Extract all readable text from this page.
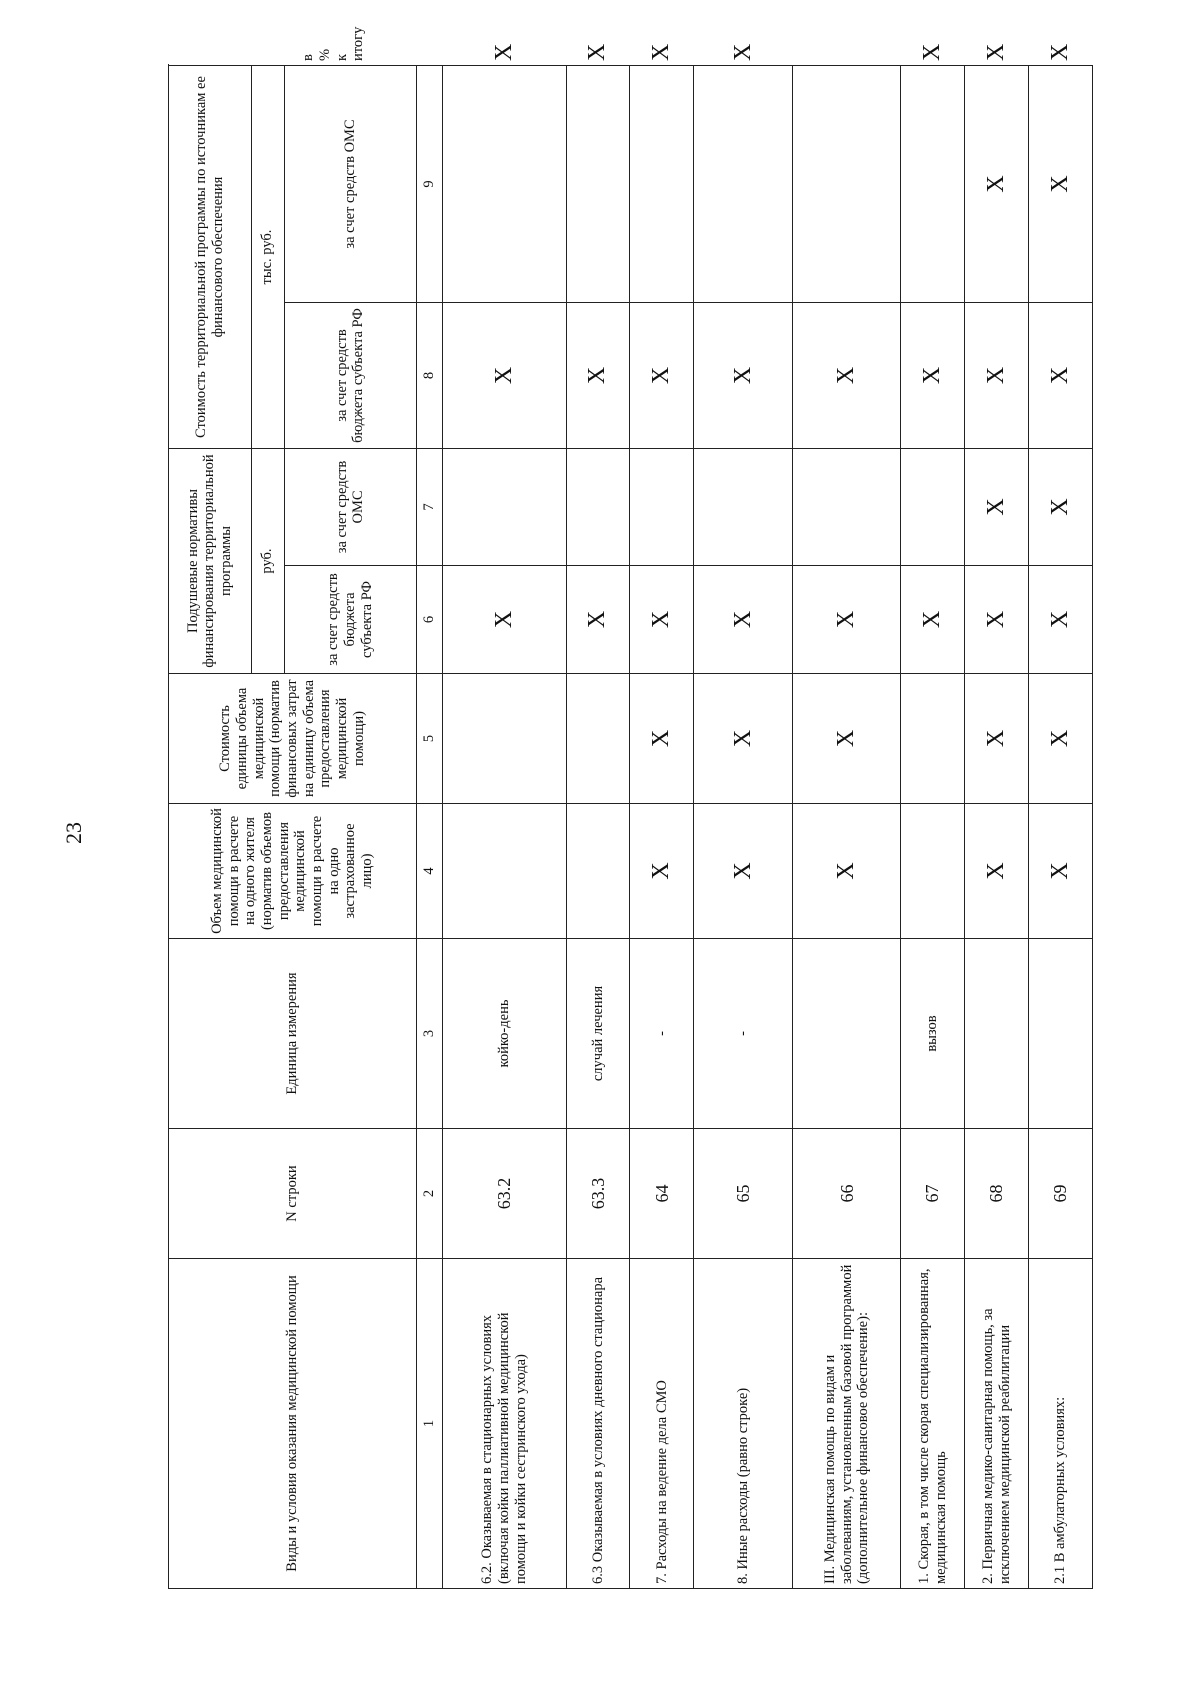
23
Виды и условия оказания медицинской помощи	N строки	Единица измерения	Объем медицинской помощи в расчете на одного жителя (норматив объемов предоставления медицинской помощи в расчете на одно застрахованное лицо)	Стоимость единицы объема медицинской помощи (норматив финансовых затрат на единицу объема предоставления медицинской помощи)	Подушевые нормативы финансирования территориальной программы		Стоимость территориальной программы по источникам ее финансового обеспечения		
					руб.		тыс. руб.		в % к итогу
					за счет средств бюджета субъекта РФ	за счет средств ОМС	за счет средств бюджета субъекта РФ	за счет средств ОМС	
1	2	3	4	5	6	7	8	9	
6.2. Оказываемая в стационарных условиях (включая койки паллиативной медицинской помощи и койки сестринского ухода)	63.2	койко-день			X		X		X
6.3 Оказываемая в условиях дневного стационара	63.3	случай лечения			X		X		X
7. Расходы на ведение дела СМО	64	-	X	X	X		X		X
8. Иные расходы (равно строке)	65	-	X	X	X		X		X
III. Медицинская помощь по видам и заболеваниям, установленным базовой программой (дополнительное финансовое обеспечение):	66		X	X	X		X		
1. Скорая, в том числе скорая специализированная, медицинская помощь	67	вызов			X		X		X
2. Первичная медико-санитарная помощь, за исключением медицинской реабилитации	68		X	X	X	X	X	X	X
2.1 В амбулаторных условиях:	69		X	X	X	X	X	X	X
